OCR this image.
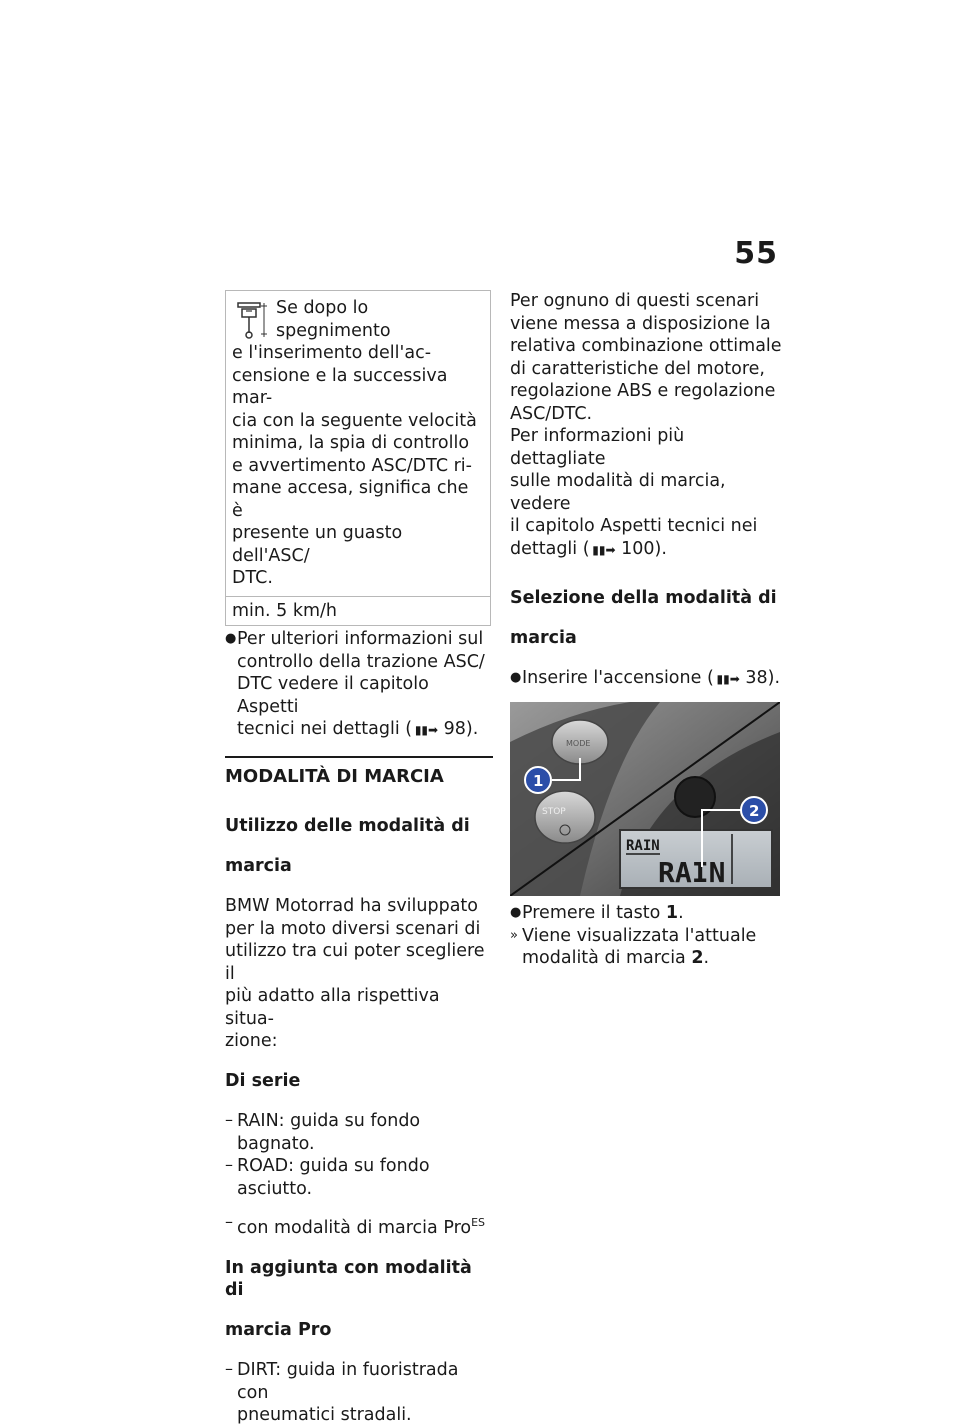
55

Se dopo lo spegnimento

e l'inserimento dell'ac-

censione e la successiva mar-

cia con la seguente velocità

minima, la spia di controllo

e avvertimento ASC/DTC ri-

mane accesa, significa che è

presente un guasto dell'ASC/

DTC.

min. 5 km/h

● Per ulteriori informazioni sul

controllo della trazione ASC/

DTC vedere il capitolo Aspetti

tecnici nei dettagli ( ▮▮➡ 98).

MODALITÀ DI MARCIA

Utilizzo delle modalità di

marcia

BMW Motorrad ha sviluppato

per la moto diversi scenari di

utilizzo tra cui poter scegliere il

più adatto alla rispettiva situa-

zione:

Di serie

– RAIN: guida su fondo bagnato.

– ROAD: guida su fondo

asciutto.

– con modalità di marcia Pro$^{ES}$

In aggiunta con modalità di

marcia Pro

– DIRT: guida in fuoristrada con

pneumatici stradali.

Per ognuno di questi scenari

viene messa a disposizione la

relativa combinazione ottimale

di caratteristiche del motore,

regolazione ABS e regolazione

ASC/DTC.

Per informazioni più dettagliate

sulle modalità di marcia, vedere

il capitolo Aspetti tecnici nei

dettagli ( ▮▮➡ 100).

Selezione della modalità di

marcia

● Inserire l'accensione ( ▮▮➡ 38).

MODE
STOP
RAIN
RAIN
1
2
● Premere il tasto 1.

» Viene visualizzata l'attuale

modalità di marcia 2.
